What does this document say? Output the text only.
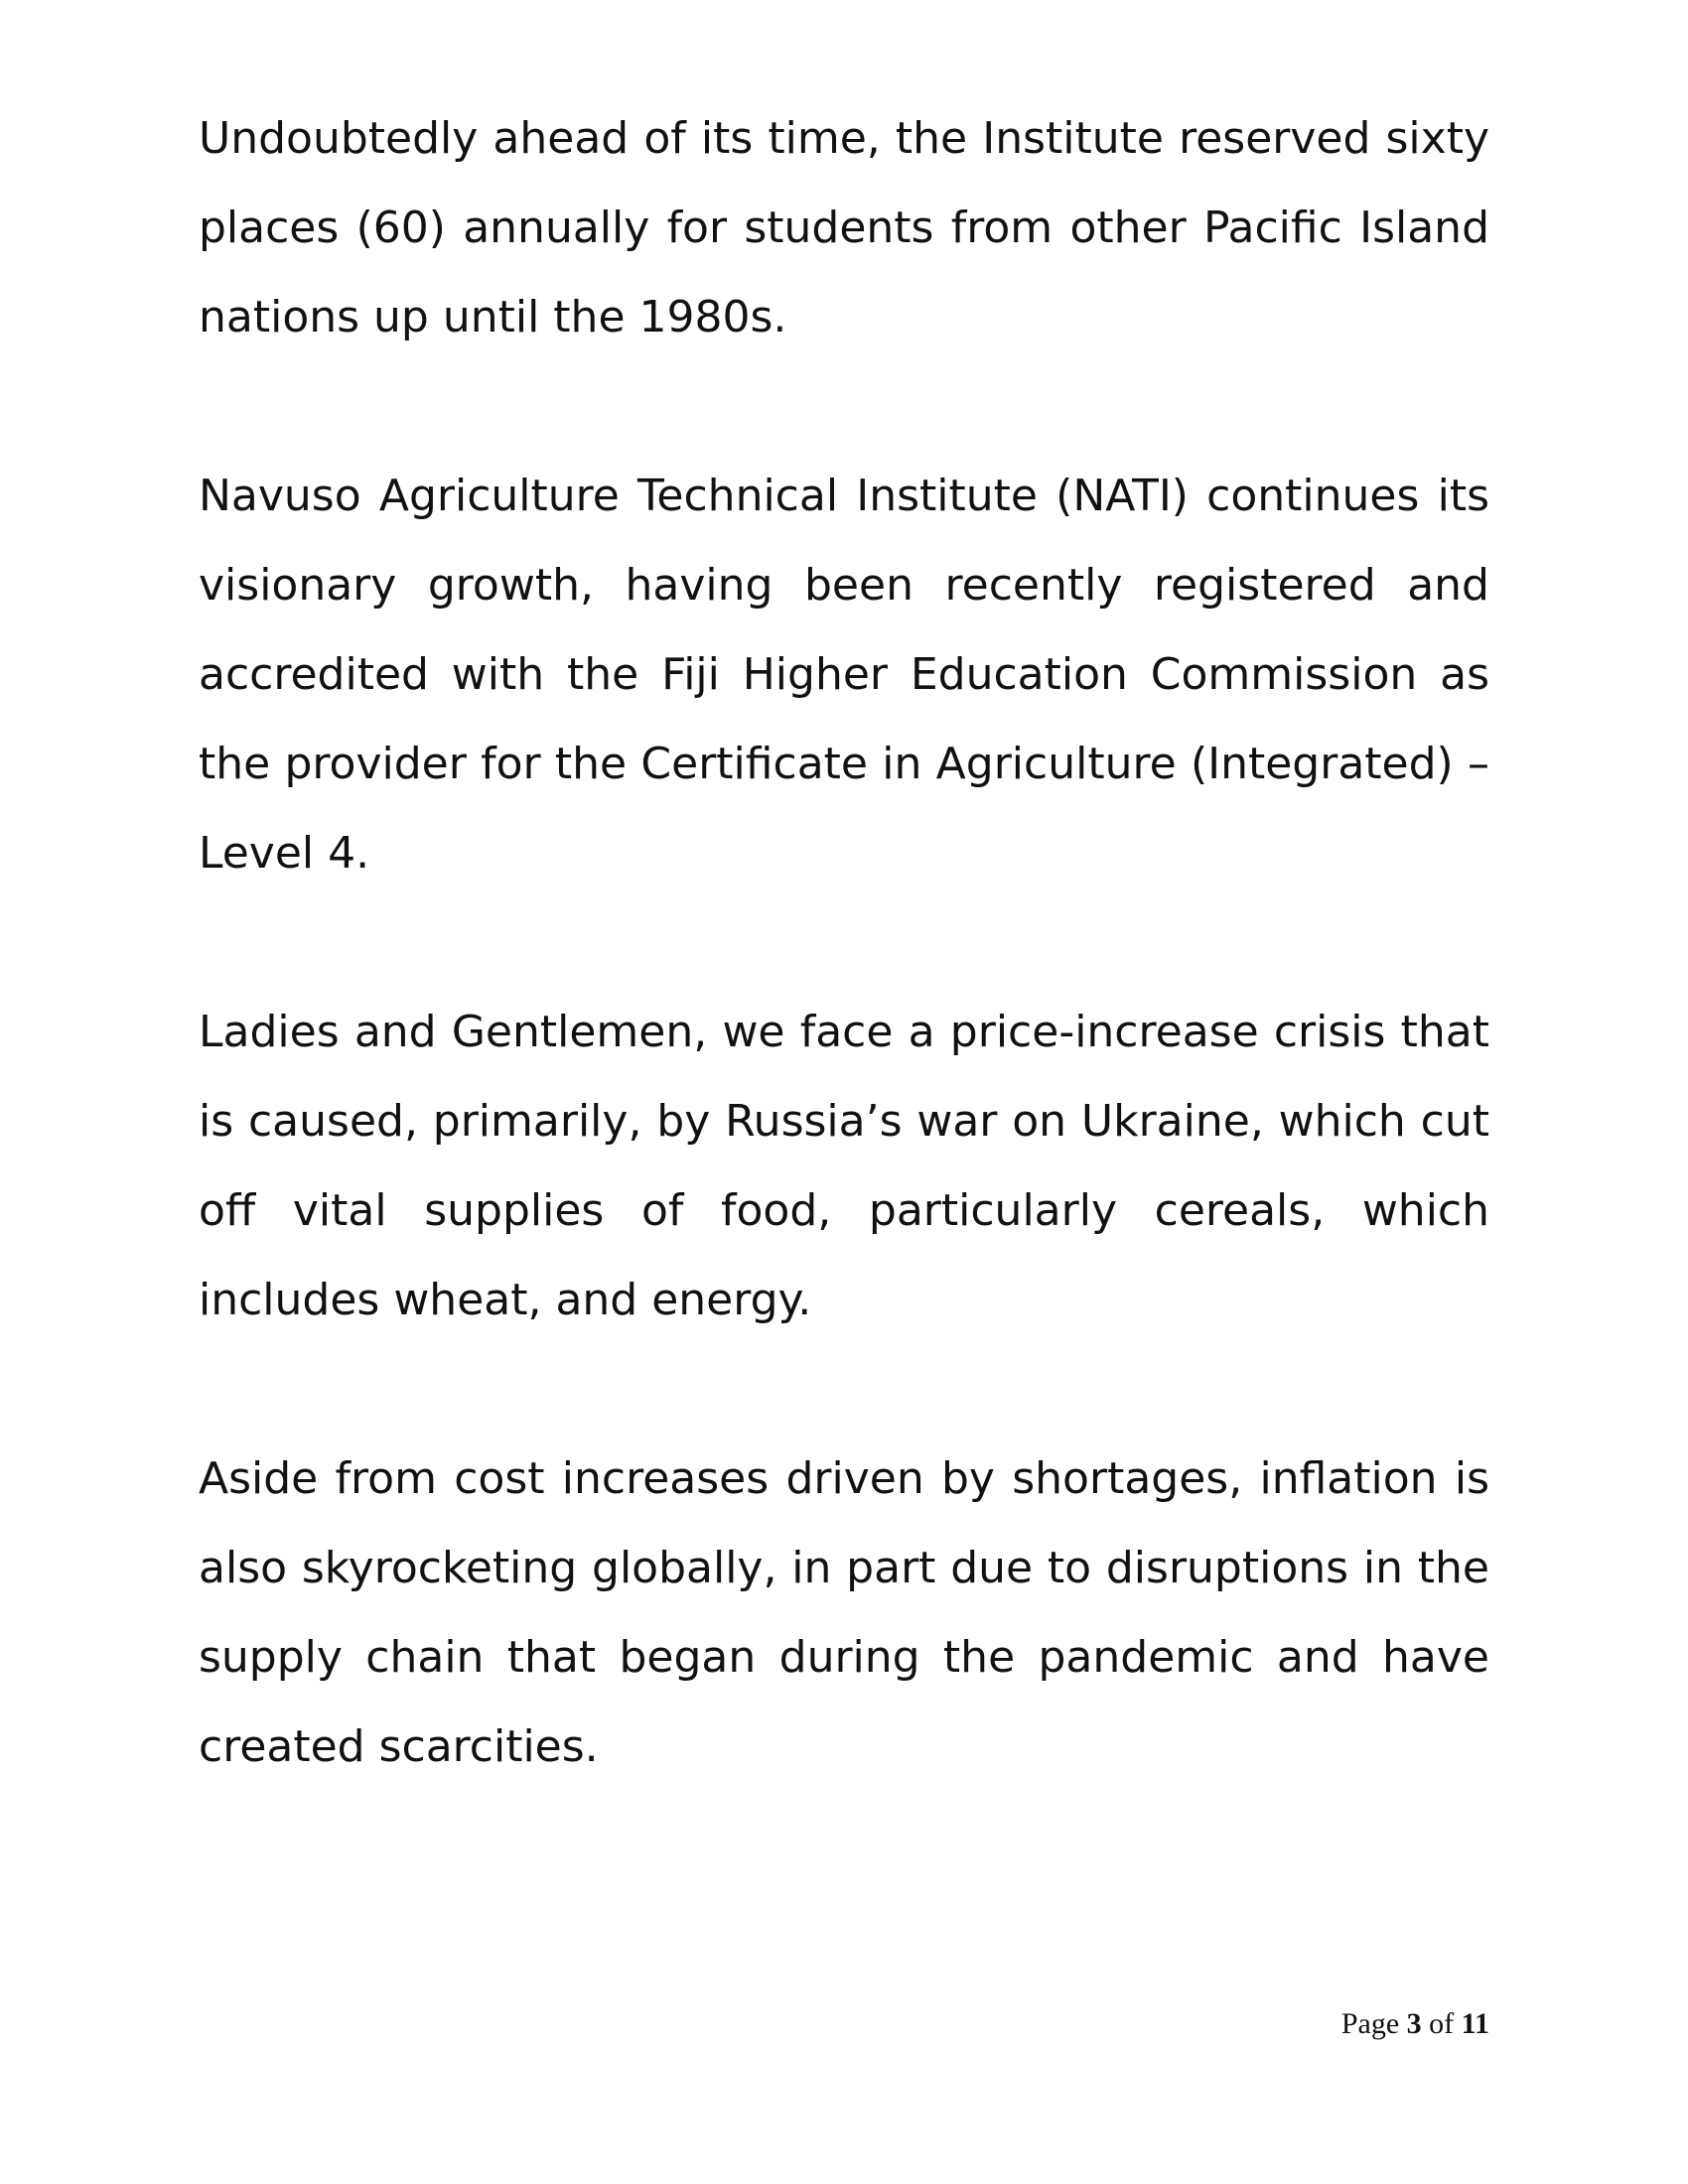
Undoubtedly ahead of its time, the Institute reserved sixty places (60) annually for students from other Pacific Island nations up until the 1980s.

Navuso Agriculture Technical Institute (NATI) continues its visionary growth, having been recently registered and accredited with the Fiji Higher Education Commission as the provider for the Certificate in Agriculture (Integrated) – Level 4.

Ladies and Gentlemen, we face a price-increase crisis that is caused, primarily, by Russia’s war on Ukraine, which cut off vital supplies of food, particularly cereals, which includes wheat, and energy.

Aside from cost increases driven by shortages, inflation is also skyrocketing globally, in part due to disruptions in the supply chain that began during the pandemic and have created scarcities.

Page 3 of 11
